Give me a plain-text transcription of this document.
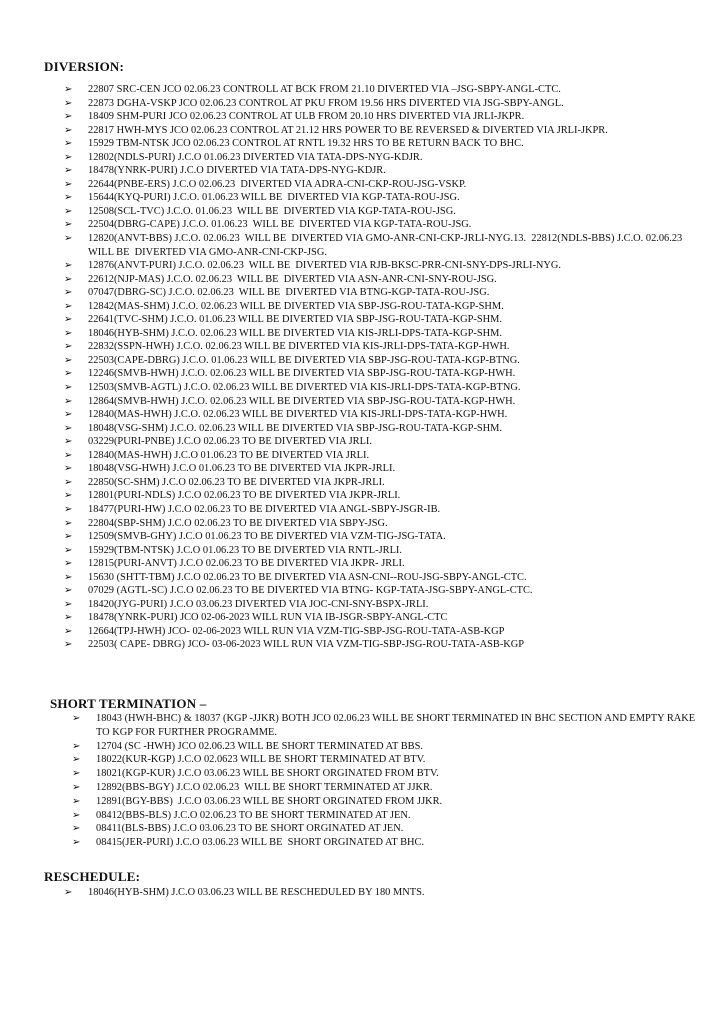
DIVERSION:
➢ 22807 SRC-CEN JCO 02.06.23 CONTROLL AT BCK FROM 21.10 DIVERTED VIA –JSG-SBPY-ANGL-CTC.
➢ 22873 DGHA-VSKP JCO 02.06.23 CONTROL AT PKU FROM 19.56 HRS DIVERTED VIA JSG-SBPY-ANGL.
➢ 18409 SHM-PURI JCO 02.06.23 CONTROL AT ULB FROM 20.10 HRS DIVERTED VIA JRLI-JKPR.
➢ 22817 HWH-MYS JCO 02.06.23 CONTROL AT 21.12 HRS POWER TO BE REVERSED & DIVERTED VIA JRLI-JKPR.
➢ 15929 TBM-NTSK JCO 02.06.23 CONTROL AT RNTL 19.32 HRS TO BE RETURN BACK TO BHC.
➢ 12802(NDLS-PURI) J.C.O 01.06.23 DIVERTED VIA TATA-DPS-NYG-KDJR.
➢ 18478(YNRK-PURI) J.C.O DIVERTED VIA TATA-DPS-NYG-KDJR.
➢ 22644(PNBE-ERS) J.C.O 02.06.23  DIVERTED VIA ADRA-CNI-CKP-ROU-JSG-VSKP.
➢ 15644(KYQ-PURI) J.C.O. 01.06.23 WILL BE  DIVERTED VIA KGP-TATA-ROU-JSG.
➢ 12508(SCL-TVC) J.C.O. 01.06.23  WILL BE  DIVERTED VIA KGP-TATA-ROU-JSG.
➢ 22504(DBRG-CAPE) J.C.O. 01.06.23  WILL BE  DIVERTED VIA KGP-TATA-ROU-JSG.
➢ 12820(ANVT-BBS) J.C.O. 02.06.23  WILL BE  DIVERTED VIA GMO-ANR-CNI-CKP-JRLI-NYG.13.  22812(NDLS-BBS) J.C.O. 02.06.23  WILL BE  DIVERTED VIA GMO-ANR-CNI-CKP-JSG.
➢ 12876(ANVT-PURI) J.C.O. 02.06.23  WILL BE  DIVERTED VIA RJB-BKSC-PRR-CNI-SNY-DPS-JRLI-NYG.
➢ 22612(NJP-MAS) J.C.O. 02.06.23  WILL BE  DIVERTED VIA ASN-ANR-CNI-SNY-ROU-JSG.
➢ 07047(DBRG-SC) J.C.O. 02.06.23  WILL BE  DIVERTED VIA BTNG-KGP-TATA-ROU-JSG.
➢ 12842(MAS-SHM) J.C.O. 02.06.23 WILL BE DIVERTED VIA SBP-JSG-ROU-TATA-KGP-SHM.
➢ 22641(TVC-SHM) J.C.O. 01.06.23 WILL BE DIVERTED VIA SBP-JSG-ROU-TATA-KGP-SHM.
➢ 18046(HYB-SHM) J.C.O. 02.06.23 WILL BE DIVERTED VIA KIS-JRLI-DPS-TATA-KGP-SHM.
➢ 22832(SSPN-HWH) J.C.O. 02.06.23 WILL BE DIVERTED VIA KIS-JRLI-DPS-TATA-KGP-HWH.
➢ 22503(CAPE-DBRG) J.C.O. 01.06.23 WILL BE DIVERTED VIA SBP-JSG-ROU-TATA-KGP-BTNG.
➢ 12246(SMVB-HWH) J.C.O. 02.06.23 WILL BE DIVERTED VIA SBP-JSG-ROU-TATA-KGP-HWH.
➢ 12503(SMVB-AGTL) J.C.O. 02.06.23 WILL BE DIVERTED VIA KIS-JRLI-DPS-TATA-KGP-BTNG.
➢ 12864(SMVB-HWH) J.C.O. 02.06.23 WILL BE DIVERTED VIA SBP-JSG-ROU-TATA-KGP-HWH.
➢ 12840(MAS-HWH) J.C.O. 02.06.23 WILL BE DIVERTED VIA KIS-JRLI-DPS-TATA-KGP-HWH.
➢ 18048(VSG-SHM) J.C.O. 02.06.23 WILL BE DIVERTED VIA SBP-JSG-ROU-TATA-KGP-SHM.
➢ 03229(PURI-PNBE) J.C.O 02.06.23 TO BE DIVERTED VIA JRLI.
➢ 12840(MAS-HWH) J.C.O 01.06.23 TO BE DIVERTED VIA JRLI.
➢ 18048(VSG-HWH) J.C.O 01.06.23 TO BE DIVERTED VIA JKPR-JRLI.
➢ 22850(SC-SHM) J.C.O 02.06.23 TO BE DIVERTED VIA JKPR-JRLI.
➢ 12801(PURI-NDLS) J.C.O 02.06.23 TO BE DIVERTED VIA JKPR-JRLI.
➢ 18477(PURI-HW) J.C.O 02.06.23 TO BE DIVERTED VIA ANGL-SBPY-JSGR-IB.
➢ 22804(SBP-SHM) J.C.O 02.06.23 TO BE DIVERTED VIA SBPY-JSG.
➢ 12509(SMVB-GHY) J.C.O 01.06.23 TO BE DIVERTED VIA VZM-TIG-JSG-TATA.
➢ 15929(TBM-NTSK) J.C.O 01.06.23 TO BE DIVERTED VIA RNTL-JRLI.
➢ 12815(PURI-ANVT) J.C.O 02.06.23 TO BE DIVERTED VIA JKPR- JRLI.
➢ 15630 (SHTT-TBM) J.C.O 02.06.23 TO BE DIVERTED VIA ASN-CNI--ROU-JSG-SBPY-ANGL-CTC.
➢ 07029 (AGTL-SC) J.C.O 02.06.23 TO BE DIVERTED VIA BTNG- KGP-TATA-JSG-SBPY-ANGL-CTC.
➢ 18420(JYG-PURI) J.C.O 03.06.23 DIVERTED VIA JOC-CNI-SNY-BSPX-JRLI.
➢ 18478(YNRK-PURI) JCO 02-06-2023 WILL RUN VIA IB-JSGR-SBPY-ANGL-CTC
➢ 12664(TPJ-HWH) JCO- 02-06-2023 WILL RUN VIA VZM-TIG-SBP-JSG-ROU-TATA-ASB-KGP
➢ 22503( CAPE- DBRG) JCO- 03-06-2023 WILL RUN VIA VZM-TIG-SBP-JSG-ROU-TATA-ASB-KGP
SHORT TERMINATION –
➢ 18043 (HWH-BHC) & 18037 (KGP -JJKR) BOTH JCO 02.06.23 WILL BE SHORT TERMINATED IN BHC SECTION AND EMPTY RAKE TO KGP FOR FURTHER PROGRAMME.
➢ 12704 (SC -HWH) JCO 02.06.23 WILL BE SHORT TERMINATED AT BBS.
➢ 18022(KUR-KGP) J.C.O 02.0623 WILL BE SHORT TERMINATED AT BTV.
➢ 18021(KGP-KUR) J.C.O 03.06.23 WILL BE SHORT ORGINATED FROM BTV.
➢ 12892(BBS-BGY) J.C.O 02.06.23  WILL BE SHORT TERMINATED AT JJKR.
➢ 12891(BGY-BBS)  J.C.O 03.06.23 WILL BE SHORT ORGINATED FROM JJKR.
➢ 08412(BBS-BLS) J.C.O 02.06.23 TO BE SHORT TERMINATED AT JEN.
➢ 08411(BLS-BBS) J.C.O 03.06.23 TO BE SHORT ORGINATED AT JEN.
➢ 08415(JER-PURI) J.C.O 03.06.23 WILL BE  SHORT ORGINATED AT BHC.
RESCHEDULE:
➢ 18046(HYB-SHM) J.C.O 03.06.23 WILL BE RESCHEDULED BY 180 MNTS.
